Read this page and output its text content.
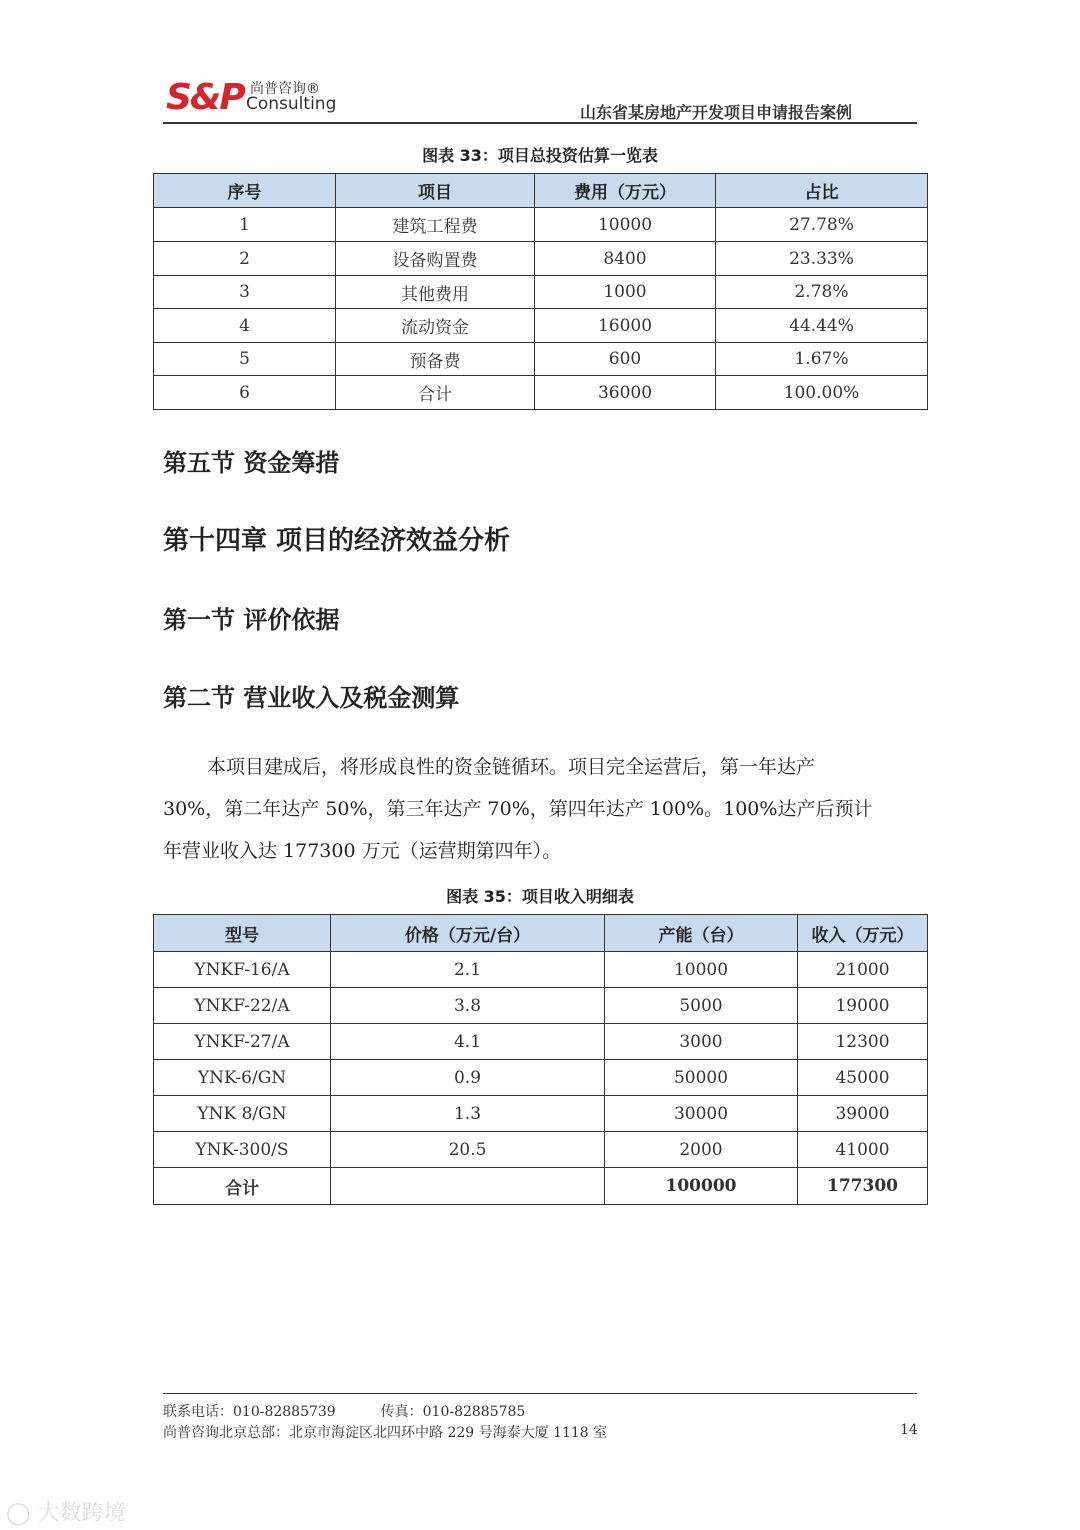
S&P 尚普咨询®
Consulting	山东省某房地产开发项目申请报告案例
图表 33：项目总投资估算一览表
序号	项目	费用（万元）	占比
1	建筑工程费	10000	27.78%
2	设备购置费	8400	23.33%
3	其他费用	1000	2.78%
4	流动资金	16000	44.44%
5	预备费	600	1.67%
6	合计	36000	100.00%
第五节 资金筹措
第十四章 项目的经济效益分析
第一节 评价依据
第二节 营业收入及税金测算
本项目建成后，将形成良性的资金链循环。项目完全运营后，第一年达产
30%，第二年达产 50%，第三年达产 70%，第四年达产 100%。100%达产后预计
年营业收入达 177300 万元（运营期第四年）。
图表 35：项目收入明细表
型号	价格（万元/台）	产能（台）	收入（万元）
YNKF-16/A	2.1	10000	21000
YNKF-22/A	3.8	5000	19000
YNKF-27/A	4.1	3000	12300
YNK-6/GN	0.9	50000	45000
YNK 8/GN	1.3	30000	39000
YNK-300/S	20.5	2000	41000
合计		100000	177300
联系电话：010-82885739	传真：010-82885785
尚普咨询北京总部：北京市海淀区北四环中路 229 号海泰大厦 1118 室	14
◯ 大数跨境
